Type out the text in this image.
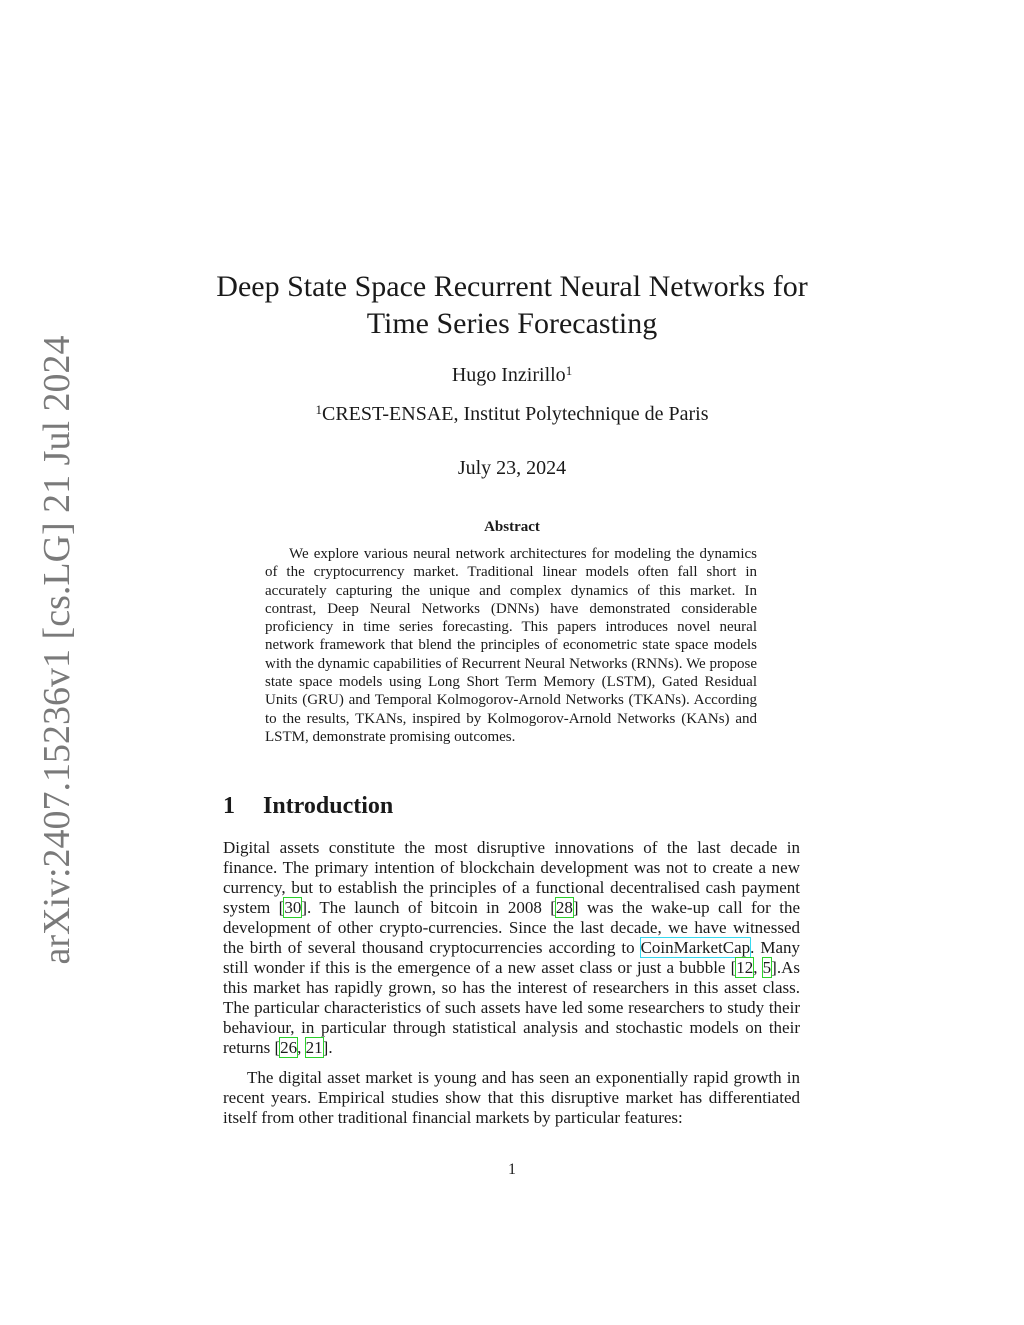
arXiv:2407.15236v1 [cs.LG] 21 Jul 2024
Deep State Space Recurrent Neural Networks for
Time Series Forecasting
Hugo Inzirillo$^1$
$^1$CREST-ENSAE, Institut Polytechnique de Paris
July 23, 2024
Abstract

We explore various neural network architectures for modeling the dynamics of the cryptocurrency market. Traditional linear models often fall short in accurately capturing the unique and complex dynamics of this market. In contrast, Deep Neural Networks (DNNs) have demonstrated considerable proficiency in time series forecasting. This papers introduces novel neural network framework that blend the principles of econometric state space models with the dynamic capabilities of Recurrent Neural Networks (RNNs). We propose state space models using Long Short Term Memory (LSTM), Gated Residual Units (GRU) and Temporal Kolmogorov-Arnold Networks (TKANs). According to the results, TKANs, inspired by Kolmogorov-Arnold Networks (KANs) and LSTM, demonstrate promising outcomes.

1 Introduction

Digital assets constitute the most disruptive innovations of the last decade in finance. The primary intention of blockchain development was not to create a new currency, but to establish the principles of a functional decentralised cash payment system [30]. The launch of bitcoin in 2008 [28] was the wake-up call for the development of other crypto-currencies. Since the last decade, we have witnessed the birth of several thousand cryptocurrencies according to CoinMarketCap. Many still wonder if this is the emergence of a new asset class or just a bubble [12, 5].As this market has rapidly grown, so has the interest of researchers in this asset class. The particular characteristics of such assets have led some researchers to study their behaviour, in particular through statistical analysis and stochastic models on their returns [26, 21].

The digital asset market is young and has seen an exponentially rapid growth in recent years. Empirical studies show that this disruptive market has differentiated itself from other traditional financial markets by particular features:

1
